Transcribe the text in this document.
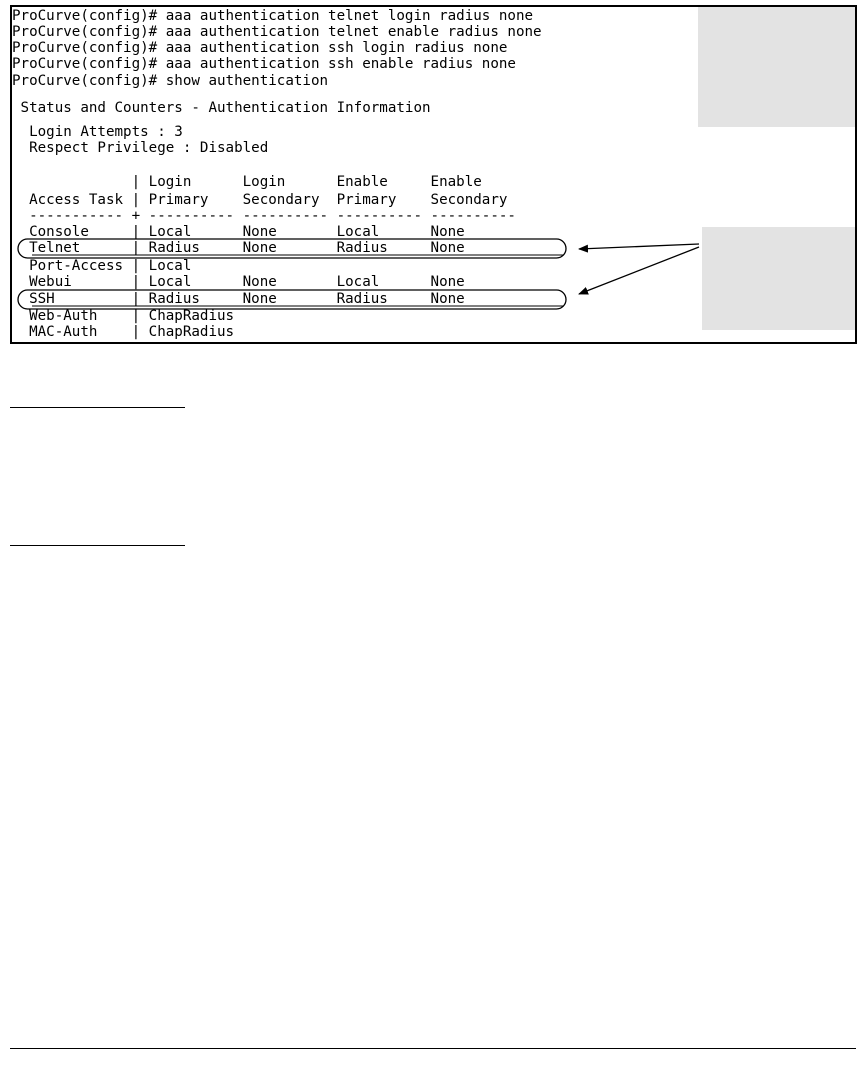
ProCurve(config)# aaa authentication telnet login radius none
ProCurve(config)# aaa authentication telnet enable radius none
ProCurve(config)# aaa authentication ssh login radius none
ProCurve(config)# aaa authentication ssh enable radius none
ProCurve(config)# show authentication
Status and Counters - Authentication Information
Login Attempts : 3
Respect Privilege : Disabled
| Login      Login      Enable     Enable
Access Task | Primary    Secondary  Primary    Secondary
----------- + ---------- ---------- ---------- ----------
Console     | Local      None       Local      None
Telnet      | Radius     None       Radius     None
Port-Access | Local
Webui       | Local      None       Local      None
SSH         | Radius     None       Radius     None
Web-Auth    | ChapRadius
MAC-Auth    | ChapRadius
